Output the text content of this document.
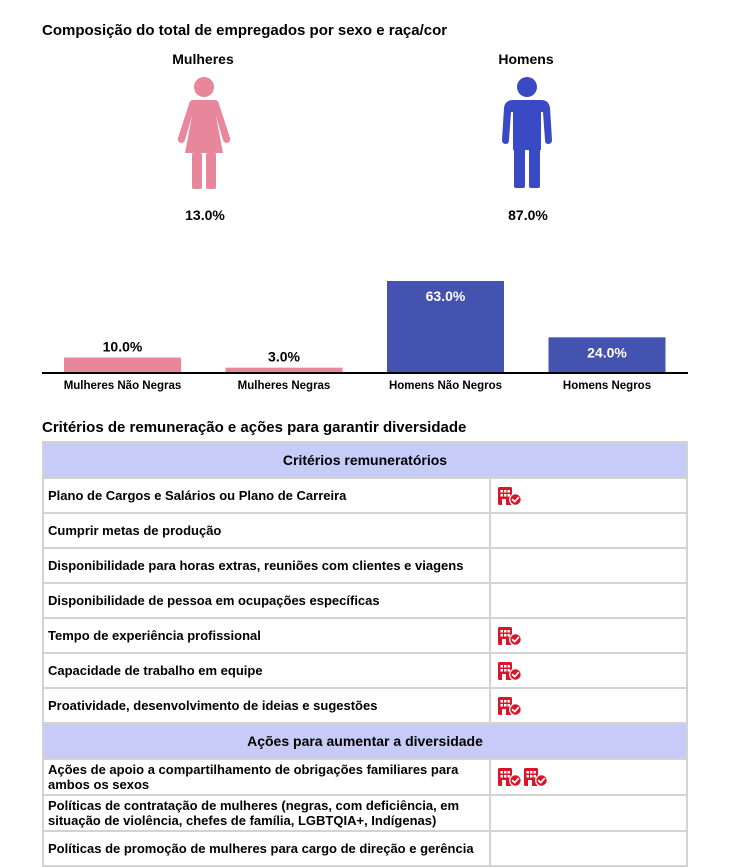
Composição do total de empregados por sexo e raça/cor
Mulheres	Homens
13.0%	87.0%
10.0%
Mulheres Não Negras
3.0%
Mulheres Negras
63.0%
Homens Não Negros
24.0%
Homens Negros
Critérios de remuneração e ações para garantir diversidade
Critérios remuneratórios	
Plano de Cargos e Salários ou Plano de Carreira	
Cumprir metas de produção	
Disponibilidade para horas extras, reuniões com clientes e viagens	
Disponibilidade de pessoa em ocupações específicas	
Tempo de experiência profissional	
Capacidade de trabalho em equipe	
Proatividade, desenvolvimento de ideias e sugestões	
Ações para aumentar a diversidade	
Ações de apoio a compartilhamento de obrigações familiares para ambos os sexos	
Políticas de contratação de mulheres (negras, com deficiência, em situação de violência, chefes de família, LGBTQIA+, Indígenas)	
Políticas de promoção de mulheres para cargo de direção e gerência	
